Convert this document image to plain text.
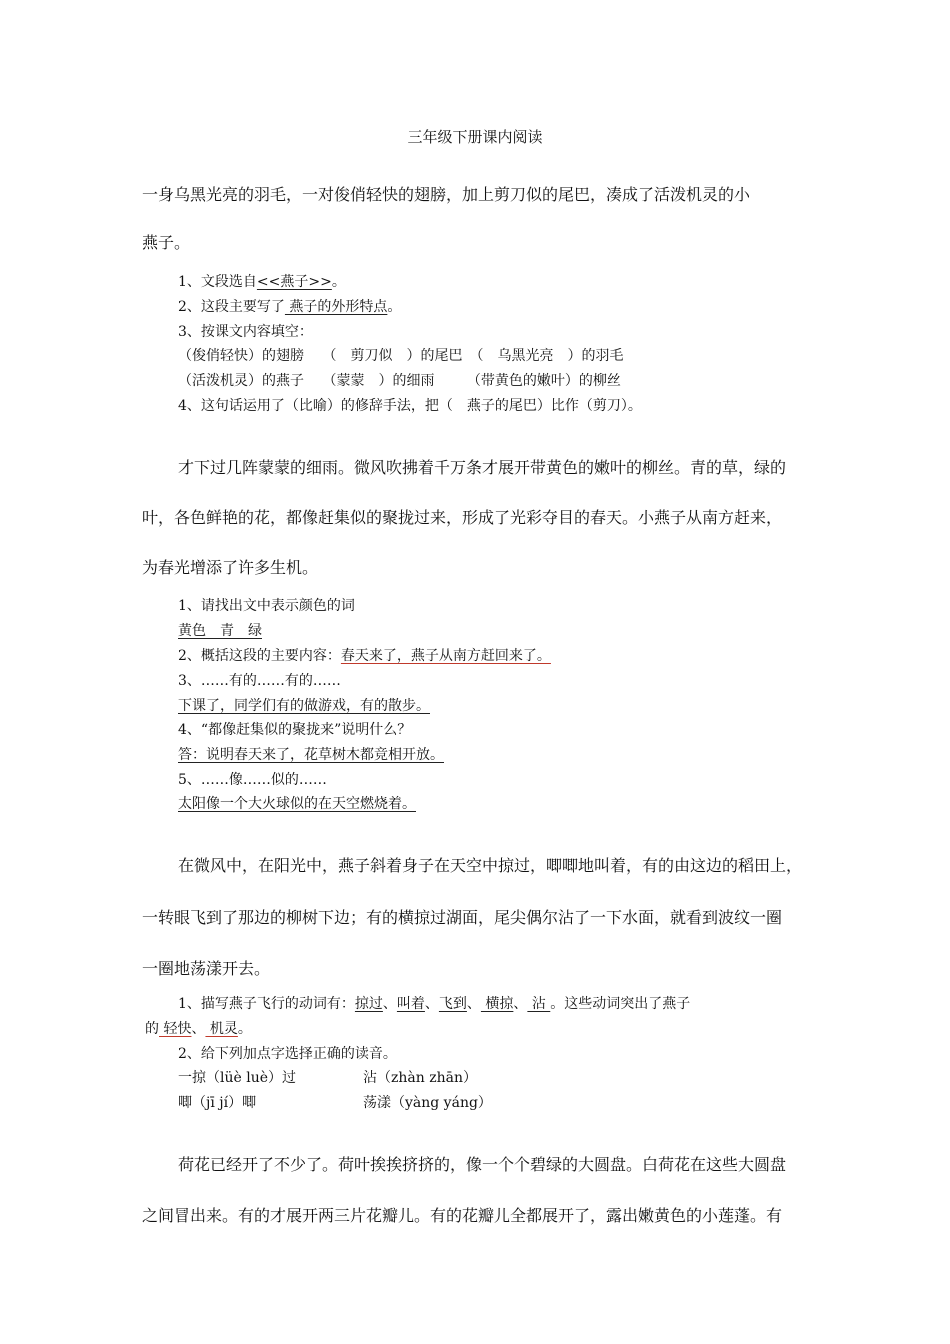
三年级下册课内阅读
一身乌黑光亮的羽毛，一对俊俏轻快的翅膀，加上剪刀似的尾巴，凑成了活泼机灵的小
燕子。
1、文段选自<<燕子>>。
2、这段主要写了 燕子的外形特点。
3、按课文内容填空：
（俊俏轻快）的翅膀　 （　剪刀似　）的尾巴　（　乌黑光亮　）的羽毛
（活泼机灵）的燕子　 （蒙蒙　）的细雨　　 （带黄色的嫩叶）的柳丝
4、这句话运用了（比喻）的修辞手法，把（　燕子的尾巴）比作（剪刀）。
才下过几阵蒙蒙的细雨。微风吹拂着千万条才展开带黄色的嫩叶的柳丝。青的草，绿的
叶，各色鲜艳的花，都像赶集似的聚拢过来，形成了光彩夺目的春天。小燕子从南方赶来，
为春光增添了许多生机。
1、请找出文中表示颜色的词
黄色　青　绿
2、概括这段的主要内容：春天来了，燕子从南方赶回来了。
3、……有的……有的……
下课了，同学们有的做游戏，有的散步。
4、“都像赶集似的聚拢来”说明什么？
答：说明春天来了，花草树木都竞相开放。
5、……像……似的……
太阳像一个大火球似的在天空燃烧着。
在微风中，在阳光中，燕子斜着身子在天空中掠过，唧唧地叫着，有的由这边的稻田上，
一转眼飞到了那边的柳树下边；有的横掠过湖面，尾尖偶尔沾了一下水面，就看到波纹一圈
一圈地荡漾开去。
1、描写燕子飞行的动词有：掠过、叫着、飞到、 横掠、 沾 。这些动词突出了燕子
的 轻快、 机灵。
2、给下列加点字选择正确的读音。
一掠（lüè luè）过	沾（zhàn zhān）
唧（jī jí）唧	荡漾（yàng yáng）
荷花已经开了不少了。荷叶挨挨挤挤的，像一个个碧绿的大圆盘。白荷花在这些大圆盘
之间冒出来。有的才展开两三片花瓣儿。有的花瓣儿全都展开了，露出嫩黄色的小莲蓬。有
